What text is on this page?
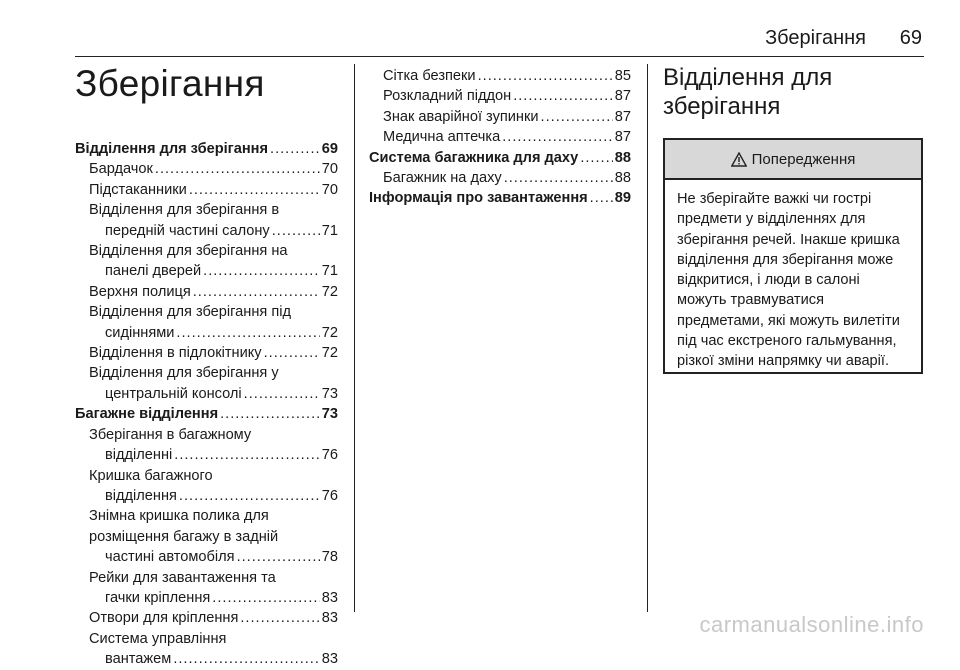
Зберігання 69
Зберігання
Відділення для зберігання .....	69
Бардачок .....	70
Підстаканники .....	70
Відділення для зберігання в
передній частині салону .....	71
Відділення для зберігання на
панелі дверей .....	71
Верхня полиця .....	72
Відділення для зберігання під
сидіннями .....	72
Відділення в підлокітнику .....	72
Відділення для зберігання у
центральній консолі .....	73
Багажне відділення .....	73
Зберігання в багажному
відділенні .....	76
Кришка багажного
відділення .....	76
Знімна кришка полика для
розміщення багажу в задній
частині автомобіля .....	78
Рейки для завантаження та
гачки кріплення .....	83
Отвори для кріплення .....	83
Система управління
вантажем .....	83
Сітка безпеки .....	85
Розкладний піддон .....	87
Знак аварійної зупинки .....	87
Медична аптечка .....	87
Система багажника для даху ..... 88
Багажник на даху .....	88
Інформація про завантаження ..... 89
Відділення для
зберігання
Попередження
Не зберігайте важкі чи гострі предмети у відділеннях для зберігання речей. Інакше кришка відділення для зберігання може відкритися, і люди в салоні можуть травмуватися предметами, які можуть вилетіти під час екстреного гальмування, різкої зміни напрямку чи аварії.
carmanualsonline.info
